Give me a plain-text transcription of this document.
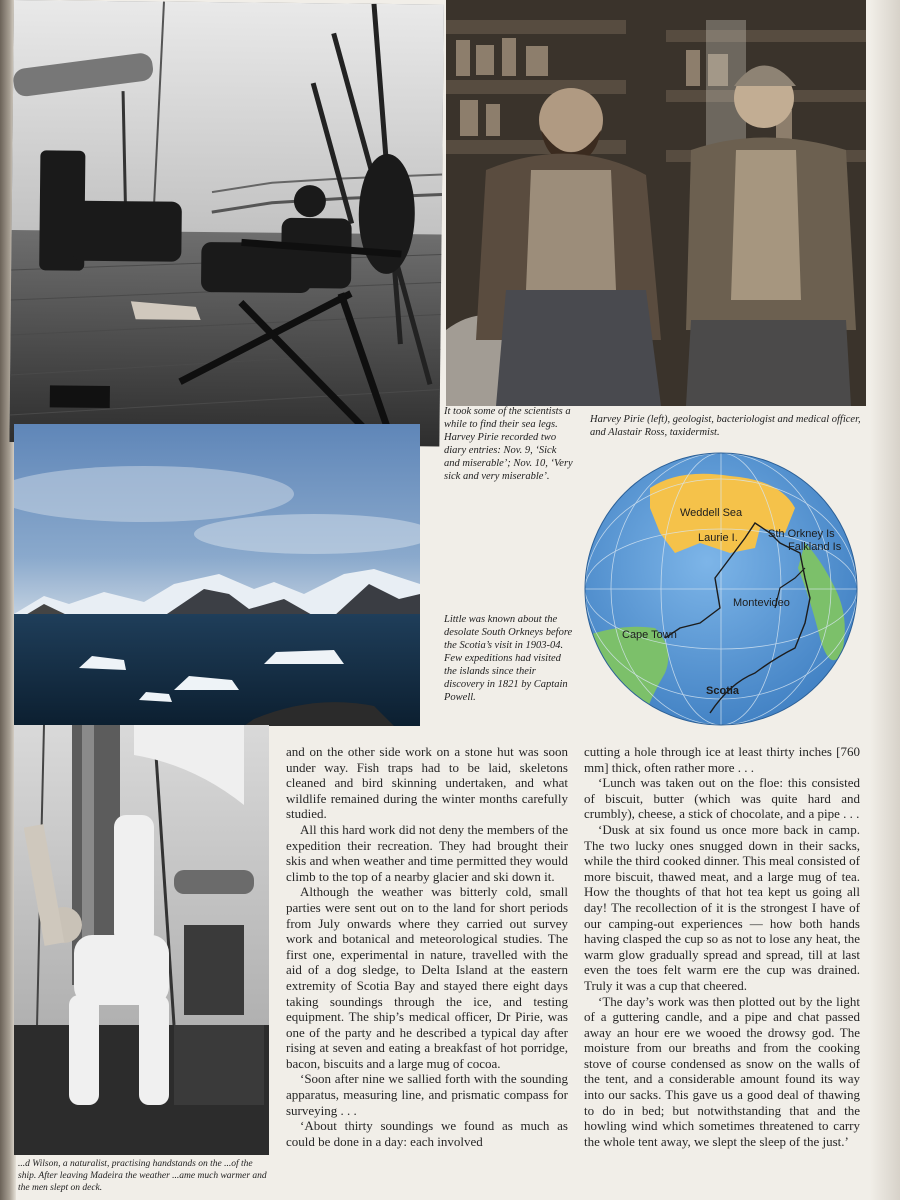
It took some of the scientists a while to find their sea legs. Harvey Pirie recorded two diary entries: Nov. 9, ‘Sick and miserable’; Nov. 10, ‘Very sick and very miserable’.
Harvey Pirie (left), geologist, bacteriologist and medical officer, and Alastair Ross, taxidermist.
Little was known about the desolate South Orkneys before the Scotia’s visit in 1903-04. Few expeditions had visited the islands since their discovery in 1821 by Captain Powell.
Weddell Sea
Laurie I.	Sth Orkney Is
Falkland Is
Montevideo
Cape Town
Scotia
...d Wilson, a naturalist, practising handstands on the ...of the ship. After leaving Madeira the weather ...ame much warmer and the men slept on deck.

and on the other side work on a stone hut was soon under way. Fish traps had to be laid, skeletons cleaned and bird skinning undertaken, and what wildlife remained during the winter months carefully studied.

All this hard work did not deny the members of the expedition their recreation. They had brought their skis and when weather and time permitted they would climb to the top of a nearby glacier and ski down it.

Although the weather was bitterly cold, small parties were sent out on to the land for short periods from July onwards where they carried out survey work and botanical and meteorological studies. The first one, experimental in nature, travelled with the aid of a dog sledge, to Delta Island at the eastern extremity of Scotia Bay and stayed there eight days taking soundings through the ice, and testing equipment. The ship’s medical officer, Dr Pirie, was one of the party and he described a typical day after rising at seven and eating a breakfast of hot porridge, bacon, biscuits and a large mug of cocoa.

‘Soon after nine we sallied forth with the sounding apparatus, measuring line, and prismatic compass for surveying . . .

‘About thirty soundings we found as much as could be done in a day: each involved

cutting a hole through ice at least thirty inches [760 mm] thick, often rather more . . .

‘Lunch was taken out on the floe: this consisted of biscuit, butter (which was quite hard and crumbly), cheese, a stick of chocolate, and a pipe . . .

‘Dusk at six found us once more back in camp. The two lucky ones snugged down in their sacks, while the third cooked dinner. This meal consisted of more biscuit, thawed meat, and a large mug of tea. How the thoughts of that hot tea kept us going all day! The recollection of it is the strongest I have of our camping-out experiences — how both hands having clasped the cup so as not to lose any heat, the warm glow gradually spread and spread, till at last even the toes felt warm ere the cup was drained. Truly it was a cup that cheered.

‘The day’s work was then plotted out by the light of a guttering candle, and a pipe and chat passed away an hour ere we wooed the drowsy god. The moisture from our breaths and from the cooking stove of course condensed as snow on the walls of the tent, and a considerable amount found its way into our sacks. This gave us a good deal of thawing to do in bed; but notwithstanding that and the howling wind which sometimes threatened to carry the whole tent away, we slept the sleep of the just.’
